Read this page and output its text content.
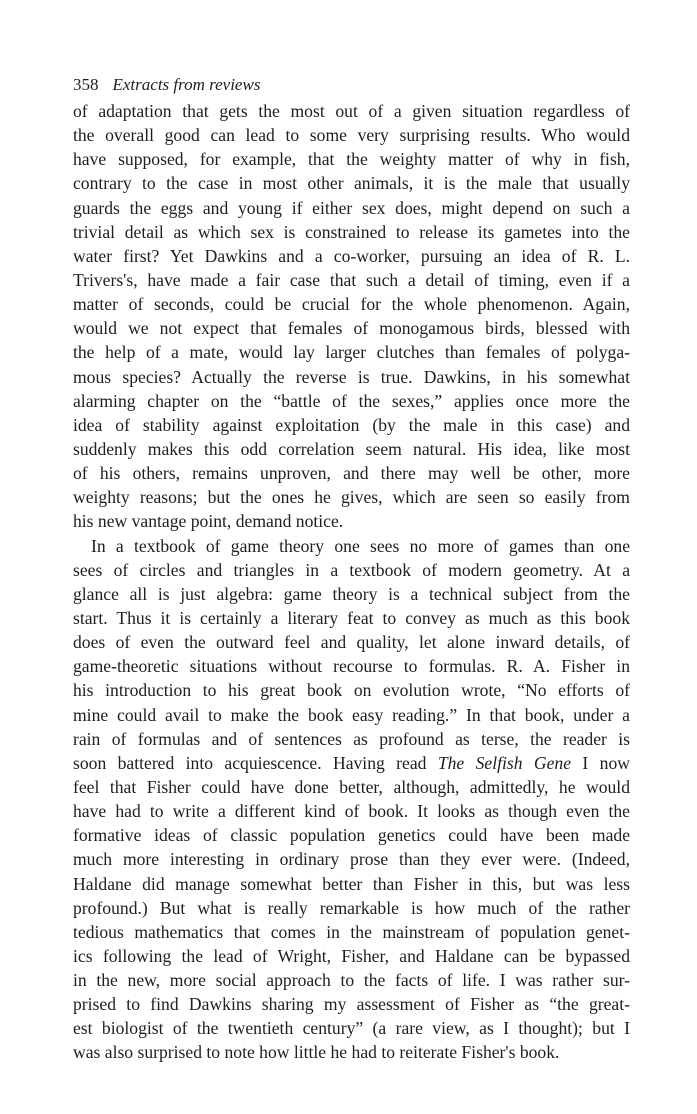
358 Extracts from reviews
of adaptation that gets the most out of a given situation regardless of
the overall good can lead to some very surprising results. Who would
have supposed, for example, that the weighty matter of why in fish,
contrary to the case in most other animals, it is the male that usually
guards the eggs and young if either sex does, might depend on such a
trivial detail as which sex is constrained to release its gametes into the
water first? Yet Dawkins and a co-worker, pursuing an idea of R. L.
Trivers's, have made a fair case that such a detail of timing, even if a
matter of seconds, could be crucial for the whole phenomenon. Again,
would we not expect that females of monogamous birds, blessed with
the help of a mate, would lay larger clutches than females of polyga-
mous species? Actually the reverse is true. Dawkins, in his somewhat
alarming chapter on the “battle of the sexes,” applies once more the
idea of stability against exploitation (by the male in this case) and
suddenly makes this odd correlation seem natural. His idea, like most
of his others, remains unproven, and there may well be other, more
weighty reasons; but the ones he gives, which are seen so easily from
his new vantage point, demand notice.
In a textbook of game theory one sees no more of games than one
sees of circles and triangles in a textbook of modern geometry. At a
glance all is just algebra: game theory is a technical subject from the
start. Thus it is certainly a literary feat to convey as much as this book
does of even the outward feel and quality, let alone inward details, of
game-theoretic situations without recourse to formulas. R. A. Fisher in
his introduction to his great book on evolution wrote, “No efforts of
mine could avail to make the book easy reading.” In that book, under a
rain of formulas and of sentences as profound as terse, the reader is
soon battered into acquiescence. Having read The Selfish Gene I now
feel that Fisher could have done better, although, admittedly, he would
have had to write a different kind of book. It looks as though even the
formative ideas of classic population genetics could have been made
much more interesting in ordinary prose than they ever were. (Indeed,
Haldane did manage somewhat better than Fisher in this, but was less
profound.) But what is really remarkable is how much of the rather
tedious mathematics that comes in the mainstream of population genet-
ics following the lead of Wright, Fisher, and Haldane can be bypassed
in the new, more social approach to the facts of life. I was rather sur-
prised to find Dawkins sharing my assessment of Fisher as “the great-
est biologist of the twentieth century” (a rare view, as I thought); but I
was also surprised to note how little he had to reiterate Fisher's book.
